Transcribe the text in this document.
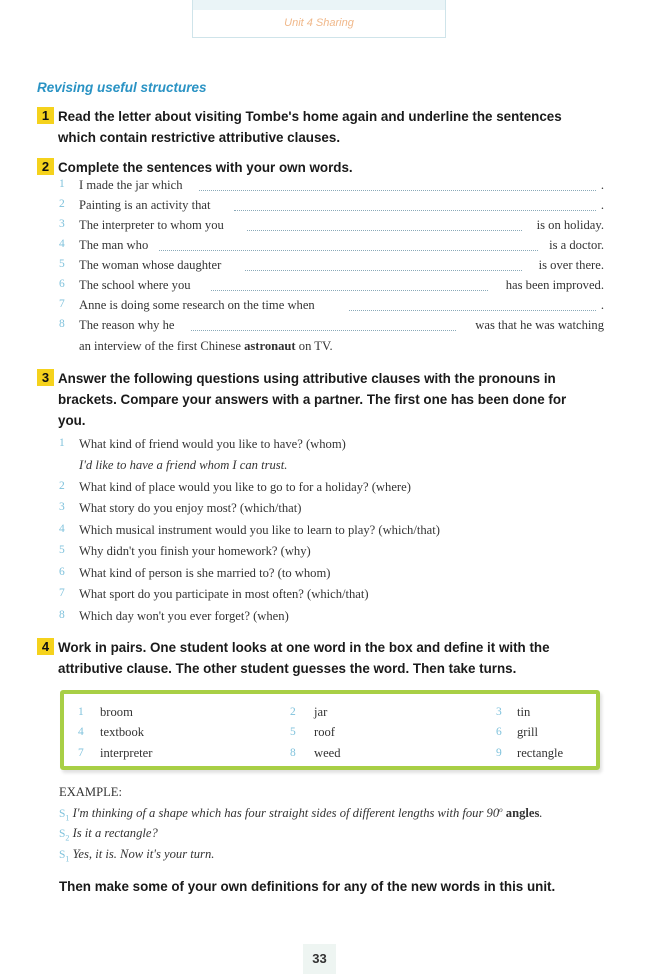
Unit 4 Sharing
Revising useful structures
1 Read the letter about visiting Tombe's home again and underline the sentences
which contain restrictive attributive clauses.
2 Complete the sentences with your own words.
1	I made the jar which	.
2	Painting is an activity that	.
3	The interpreter to whom you	is on holiday.
4	The man who	is a doctor.
5	The woman whose daughter	is over there.
6	The school where you	has been improved.
7	Anne is doing some research on the time when	.
8	The reason why he	was that he was watching
an interview of the first Chinese astronaut on TV.
3 Answer the following questions using attributive clauses with the pronouns in
brackets. Compare your answers with a partner. The first one has been done for
you.
1	What kind of friend would you like to have? (whom)
I'd like to have a friend whom I can trust.
2	What kind of place would you like to go to for a holiday? (where)
3	What story do you enjoy most? (which/that)
4	Which musical instrument would you like to learn to play? (which/that)
5	Why didn't you finish your homework? (why)
6	What kind of person is she married to? (to whom)
7	What sport do you participate in most often? (which/that)
8	Which day won't you ever forget? (when)
4 Work in pairs. One student looks at one word in the box and define it with the
attributive clause. The other student guesses the word. Then take turns.
1 broom	2 jar	3 tin
4 textbook	5 roof	6 grill
7 interpreter	8 weed	9 rectangle
EXAMPLE:
$S_1$ I'm thinking of a shape which has four straight sides of different lengths with four 90$^o$ angles.
$S_2$ Is it a rectangle?
$S_1$ Yes, it is. Now it's your turn.
Then make some of your own definitions for any of the new words in this unit.
33
